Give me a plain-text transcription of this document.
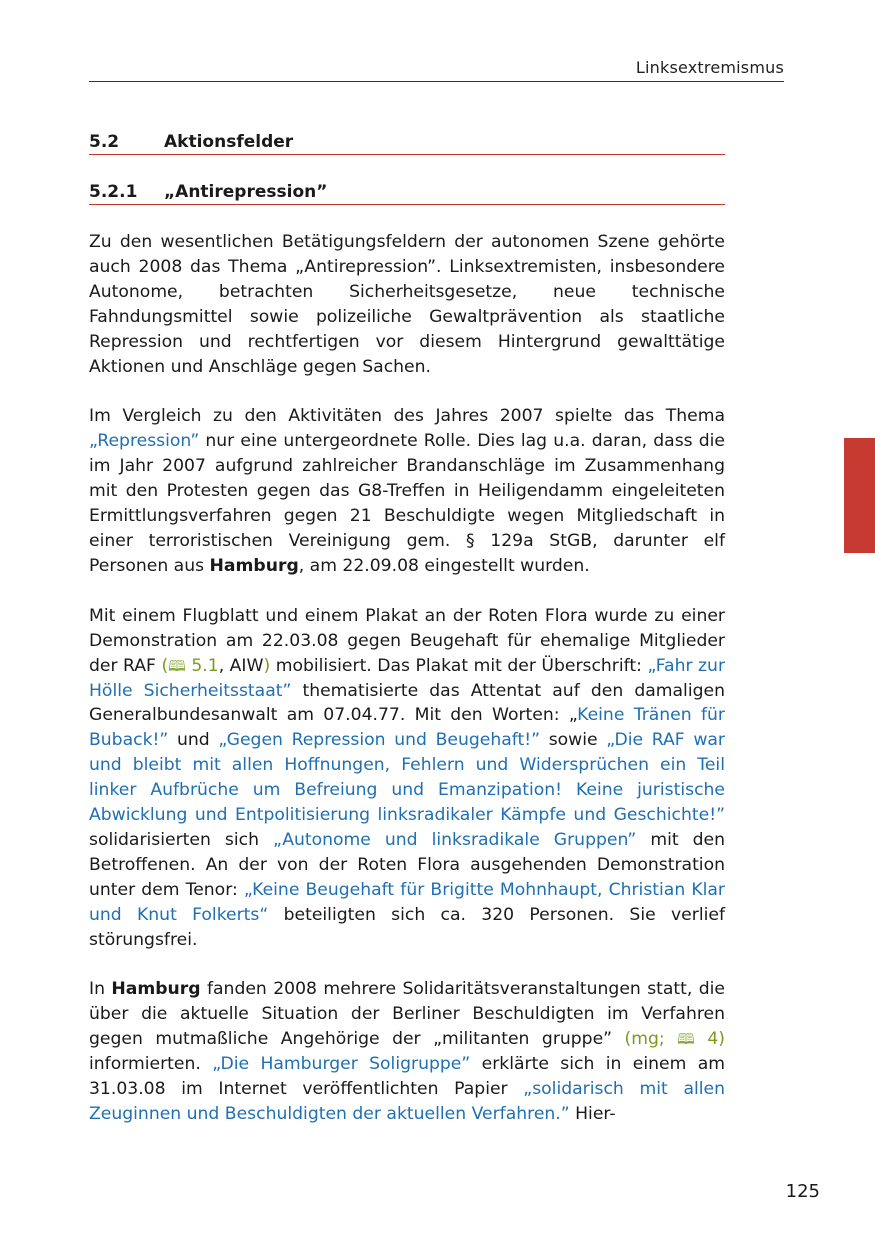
Linksextremismus
5.2	Aktionsfelder
5.2.1 „Antirepression”

Zu den wesentlichen Betätigungsfeldern der autonomen Szene gehörte auch 2008 das Thema „Antirepression”. Linksextremisten, insbesondere Autonome, betrachten Sicherheitsgesetze, neue technische Fahndungsmittel sowie polizeiliche Gewaltprävention als staatliche Repression und rechtfertigen vor diesem Hintergrund gewalttätige Aktionen und Anschläge gegen Sachen.

Im Vergleich zu den Aktivitäten des Jahres 2007 spielte das Thema „Repression” nur eine untergeordnete Rolle. Dies lag u.a. daran, dass die im Jahr 2007 aufgrund zahlreicher Brandanschläge im Zusammenhang mit den Protesten gegen das G8-Treffen in Heiligendamm eingeleiteten Ermittlungsverfahren gegen 21 Beschuldigte wegen Mitgliedschaft in einer terroristischen Vereinigung gem. § 129a StGB, darunter elf Personen aus Hamburg, am 22.09.08 eingestellt wurden.

Mit einem Flugblatt und einem Plakat an der Roten Flora wurde zu einer Demonstration am 22.03.08 gegen Beugehaft für ehemalige Mitglieder der RAF (🕮 5.1, AIW) mobilisiert. Das Plakat mit der Überschrift: „Fahr zur Hölle Sicherheitsstaat” thematisierte das Attentat auf den damaligen Generalbundesanwalt am 07.04.77. Mit den Worten: „Keine Tränen für Buback!” und „Gegen Repression und Beugehaft!” sowie „Die RAF war und bleibt mit allen Hoffnungen, Fehlern und Widersprüchen ein Teil linker Aufbrüche um Befreiung und Emanzipation! Keine juristische Abwicklung und Entpolitisierung linksradikaler Kämpfe und Geschichte!” solidarisierten sich „Autonome und linksradikale Gruppen” mit den Betroffenen. An der von der Roten Flora ausgehenden Demonstration unter dem Tenor: „Keine Beugehaft für Brigitte Mohnhaupt, Christian Klar und Knut Folkerts“ beteiligten sich ca. 320 Personen. Sie verlief störungsfrei.

In Hamburg fanden 2008 mehrere Solidaritätsveranstaltungen statt, die über die aktuelle Situation der Berliner Beschuldigten im Verfahren gegen mutmaßliche Angehörige der „militanten gruppe” (mg; 🕮 4) informierten. „Die Hamburger Soligruppe” erklärte sich in einem am 31.03.08 im Internet veröffentlichten Papier „solidarisch mit allen Zeuginnen und Beschuldigten der aktuellen Verfahren.” Hier-

125
